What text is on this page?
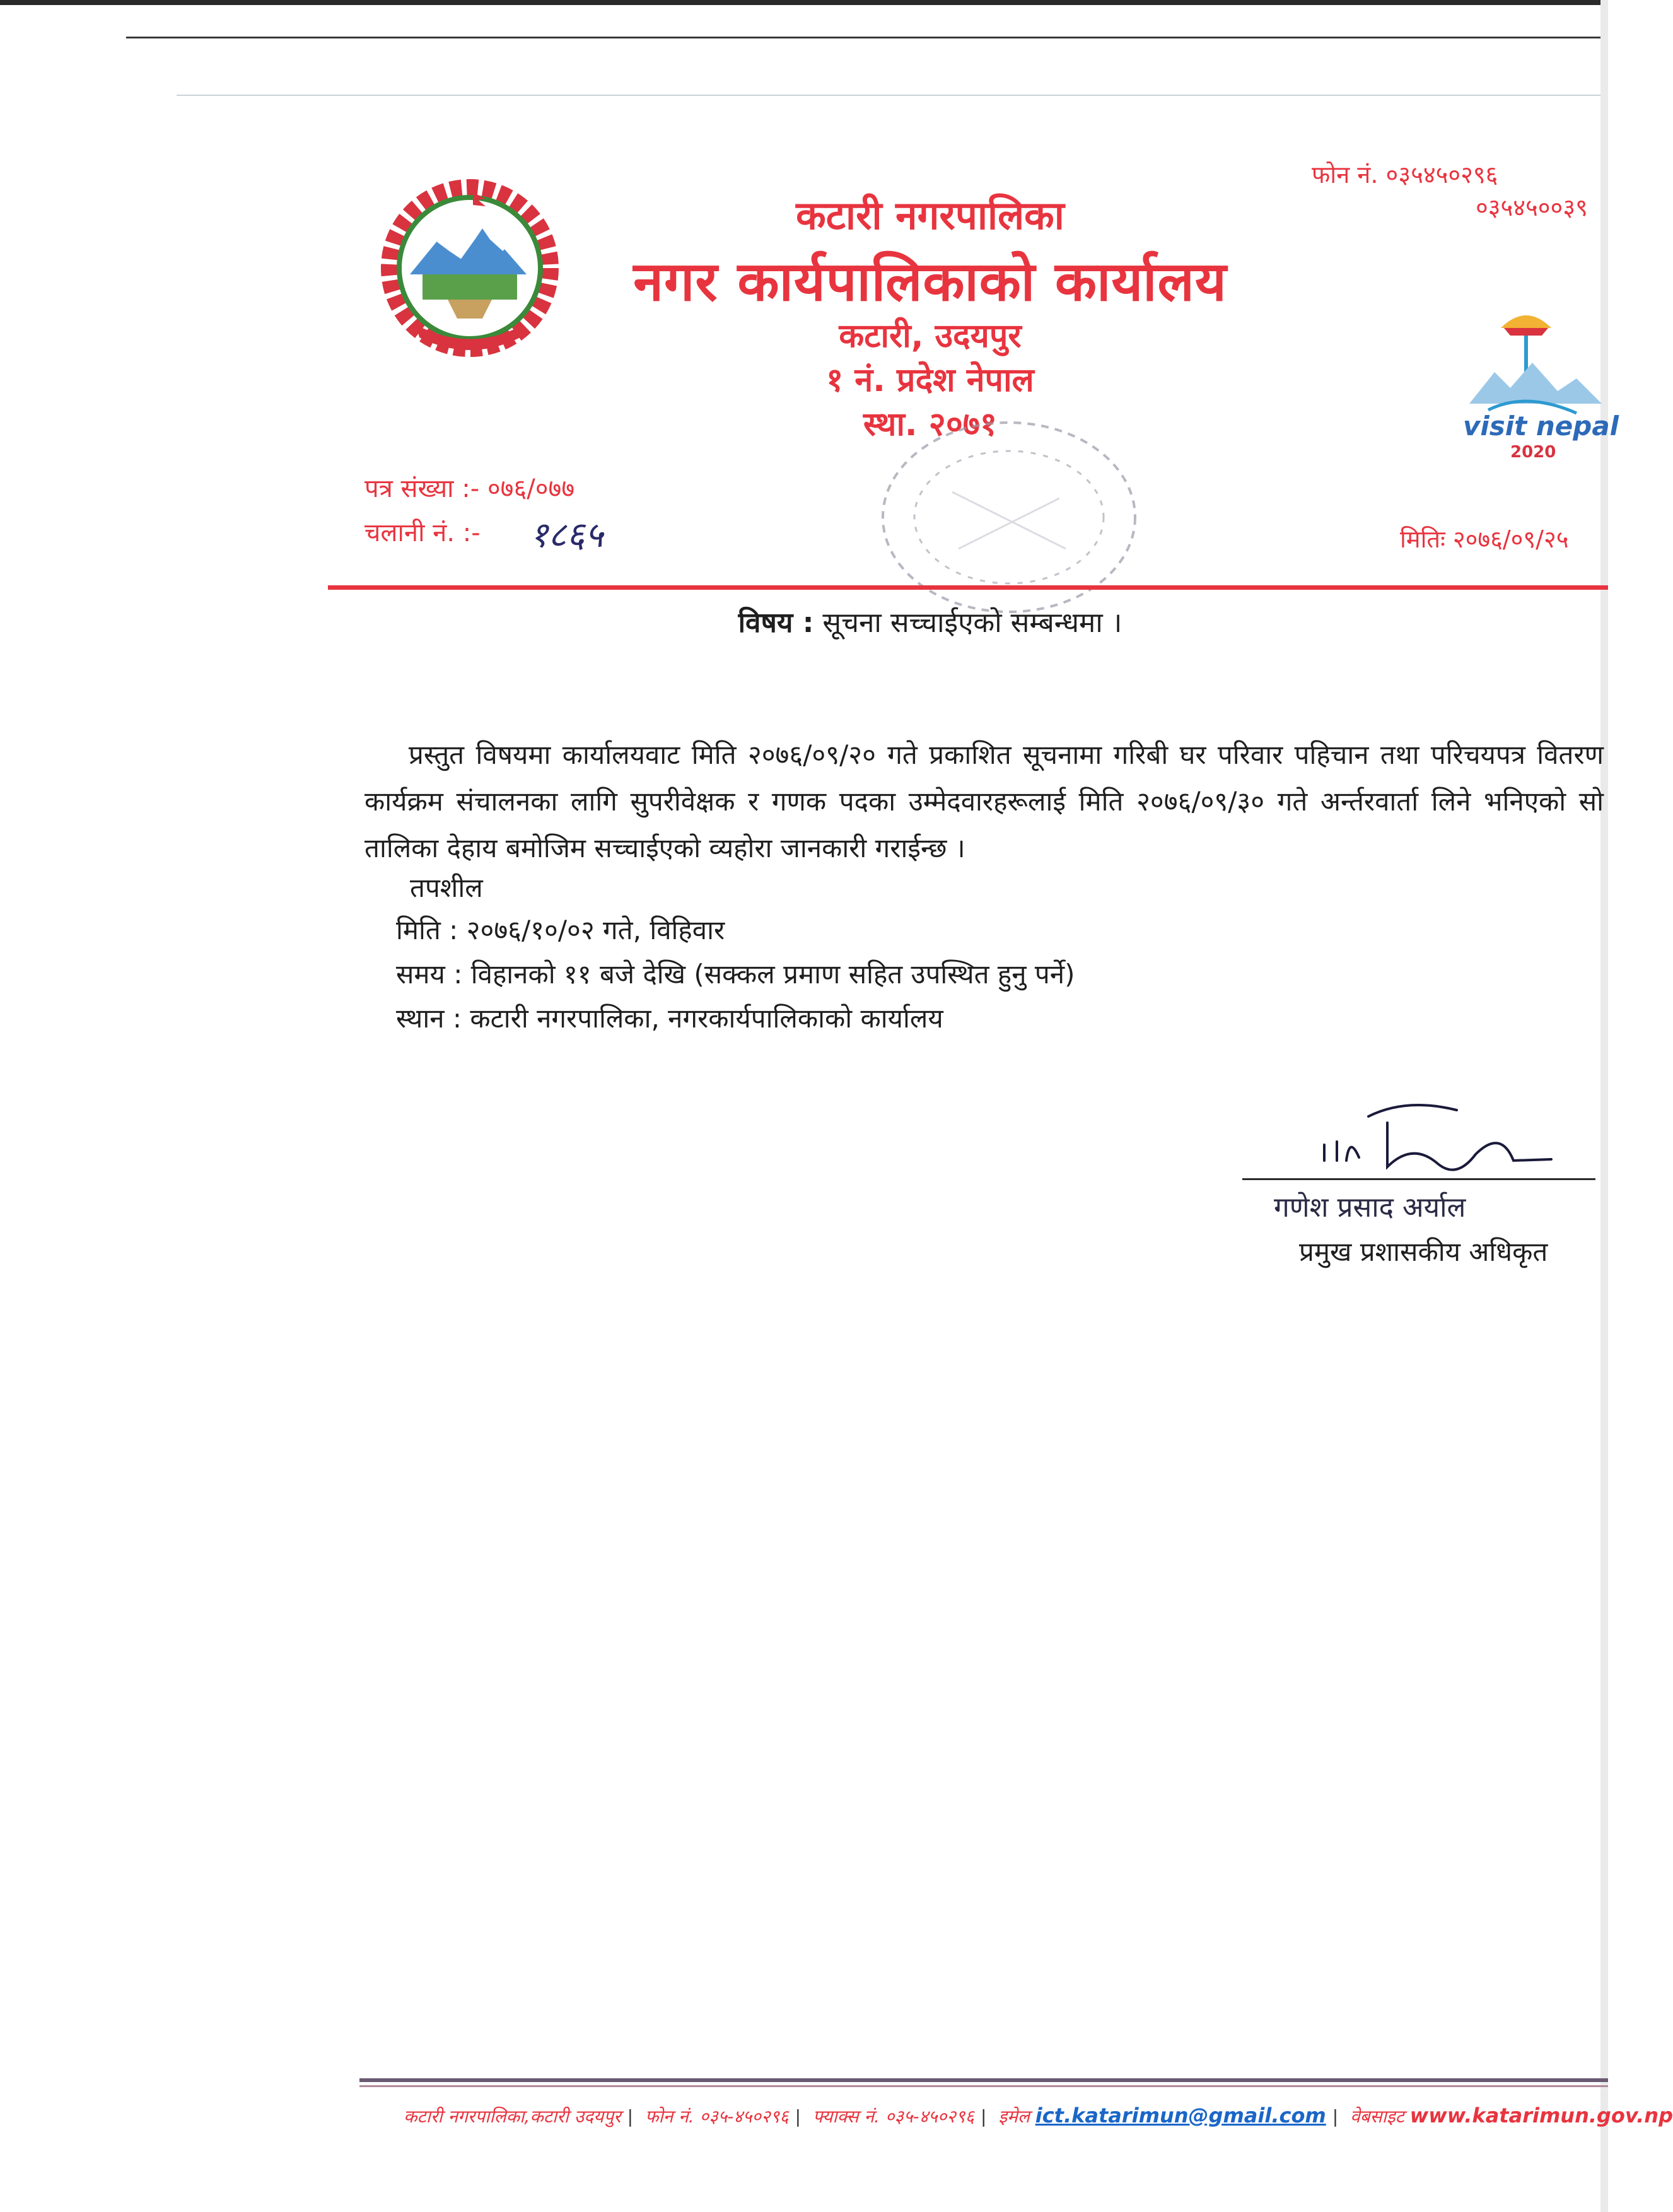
कटारी नगरपालिका
नगर कार्यपालिकाको कार्यालय
कटारी, उदयपुर
१ नं. प्रदेश नेपाल
स्था. २०७१
फोन नं. ०३५४५०२९६
०३५४५००३९
visit nepal
2020
पत्र संख्या :- ०७६/०७७
चलानी नं. :- १८६५	मितिः २०७६/०९/२५
विषय : सूचना सच्चाईएको सम्बन्धमा ।
प्रस्तुत विषयमा कार्यालयवाट मिति २०७६/०९/२० गते प्रकाशित सूचनामा गरिबी घर परिवार पहिचान तथा परिचयपत्र वितरण कार्यक्रम संचालनका लागि सुपरीवेक्षक र गणक पदका उम्मेदवारहरूलाई मिति २०७६/०९/३० गते अर्न्तरवार्ता लिने भनिएको सो तालिका देहाय बमोजिम सच्चाईएको व्यहोरा जानकारी गराईन्छ ।
तपशील
मिति : २०७६/१०/०२ गते, विहिवार
समय : विहानको ११ बजे देखि (सक्कल प्रमाण सहित उपस्थित हुनु पर्ने)
स्थान : कटारी नगरपालिका, नगरकार्यपालिकाको कार्यालय
गणेश प्रसाद अर्याल
प्रमुख प्रशासकीय अधिकृत
कटारी नगरपालिका,कटारी उदयपुर | फोन नं. ०३५-४५०२९६ | फ्याक्स नं. ०३५-४५०२९६ | इमेल ict.katarimun@gmail.com | वेबसाइट www.katarimun.gov.np
